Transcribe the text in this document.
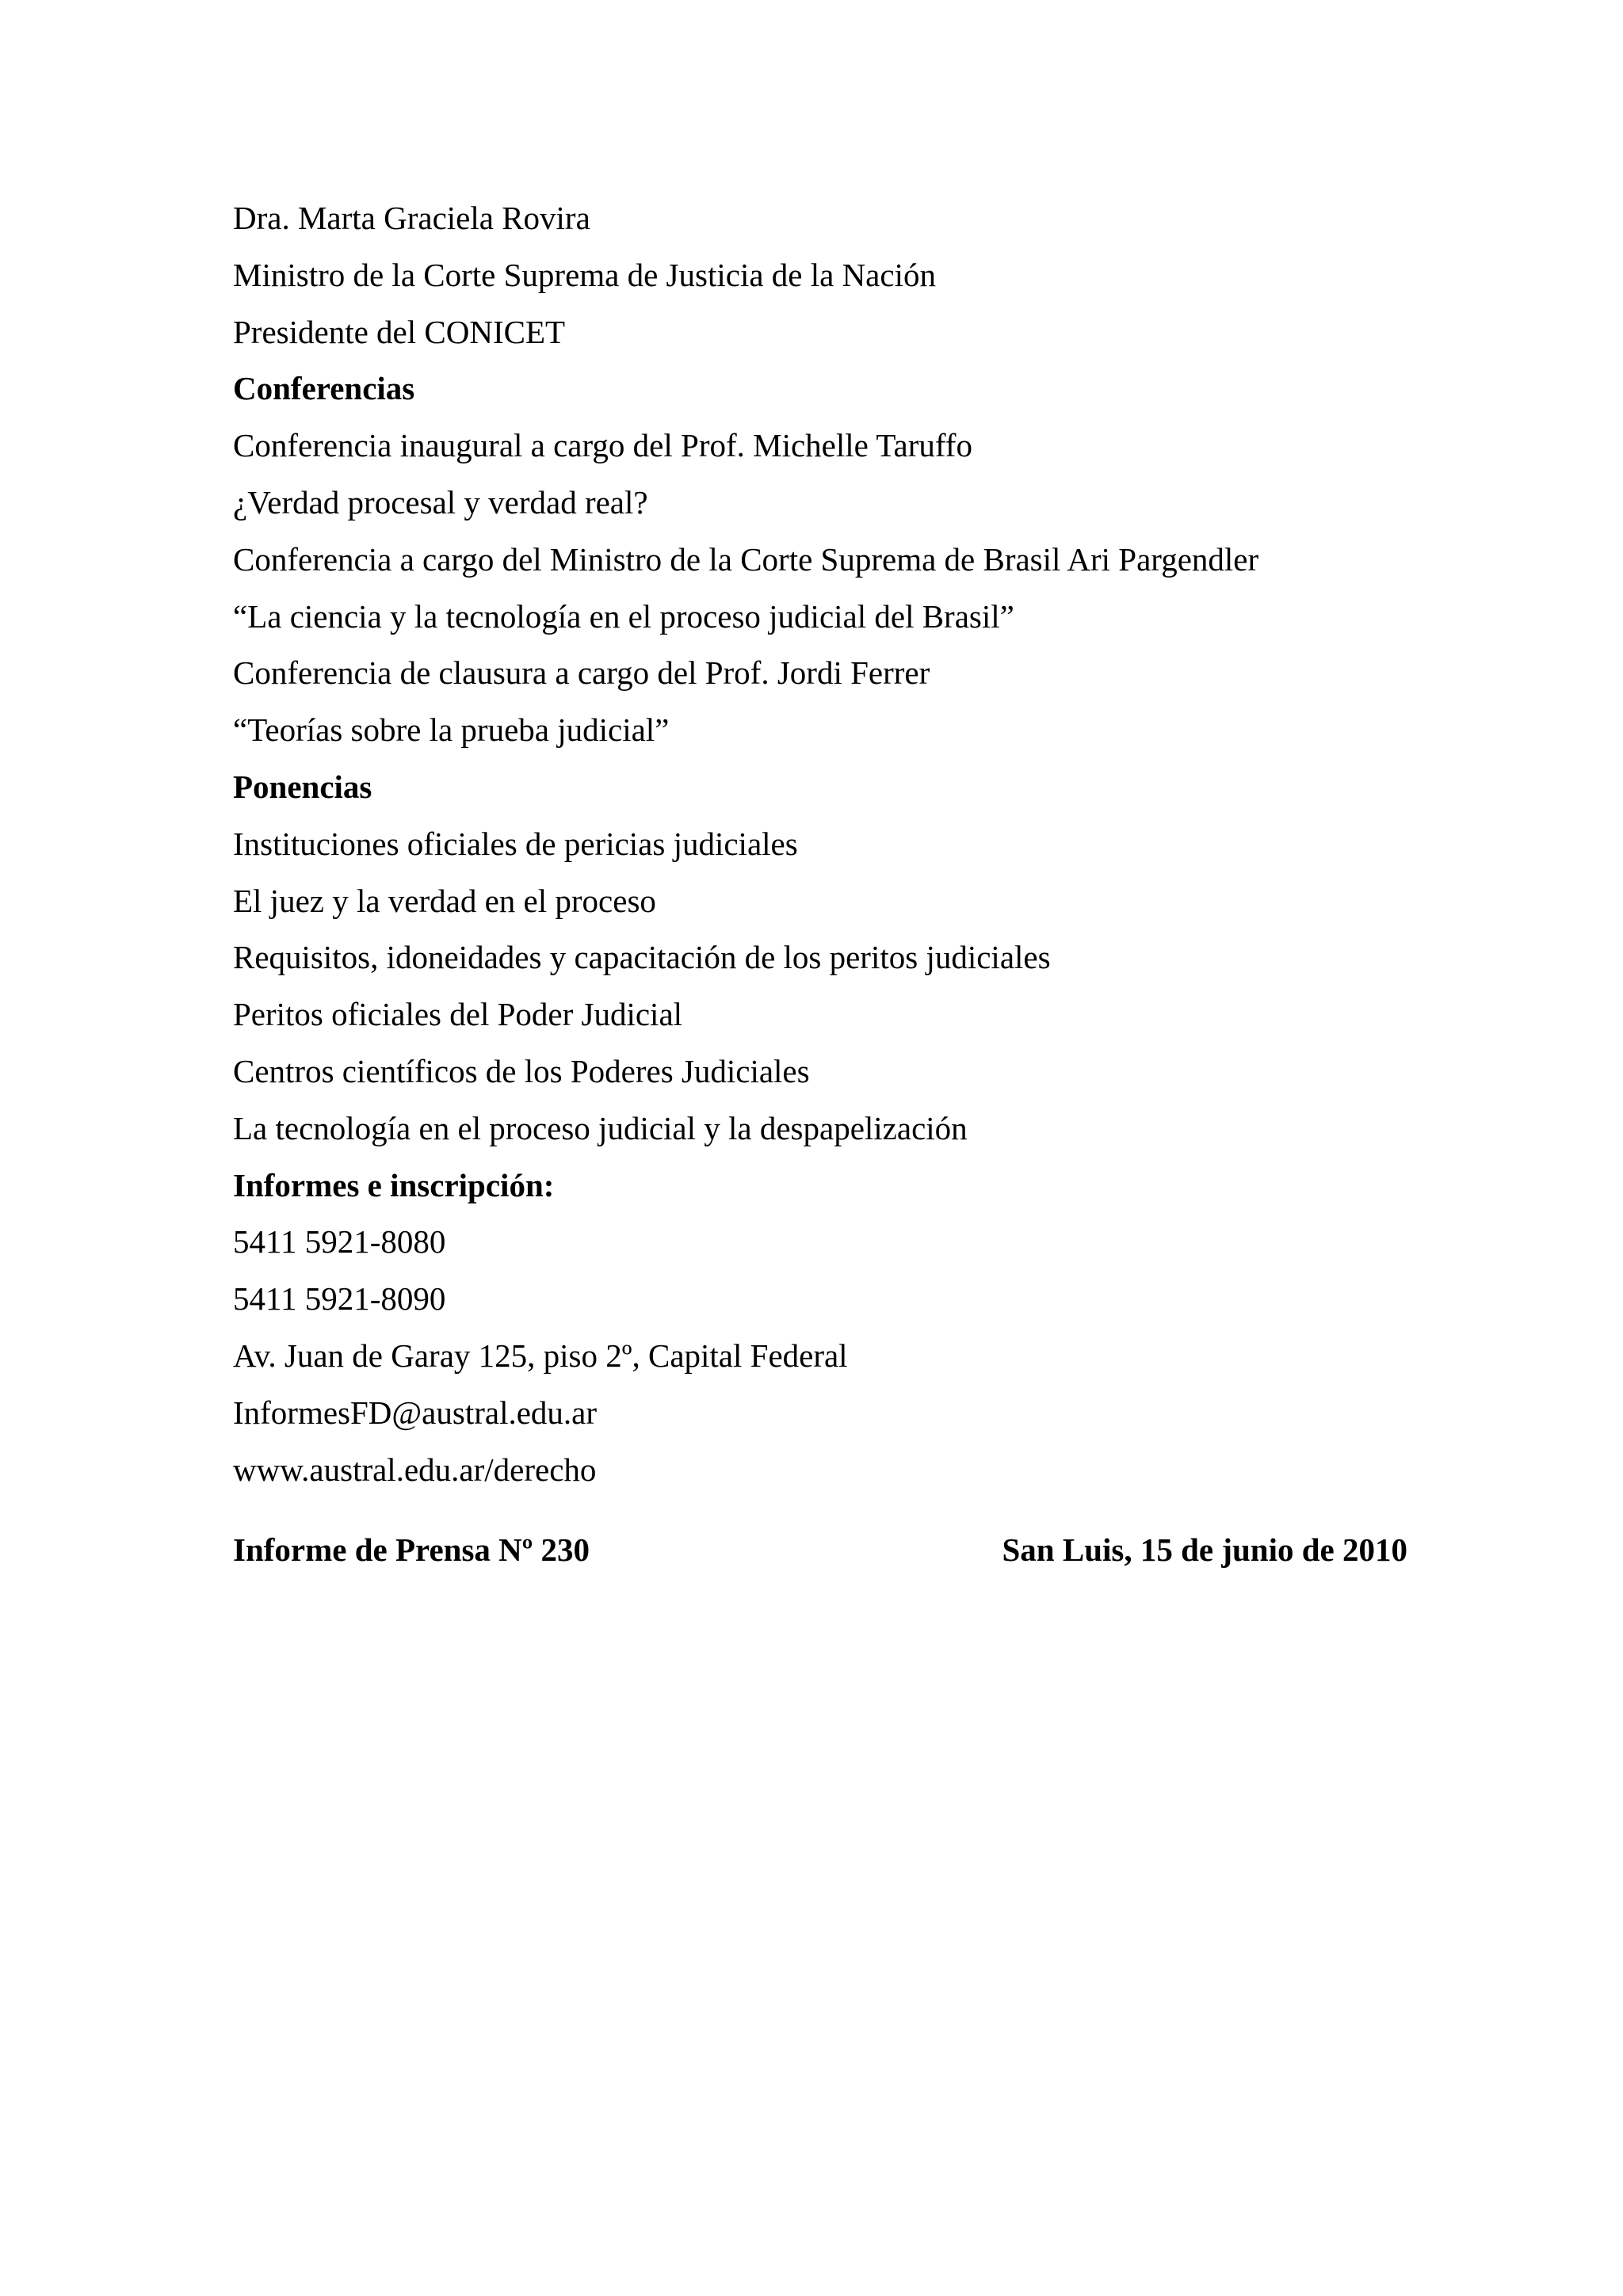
Dra. Marta Graciela Rovira
Ministro de la Corte Suprema de Justicia de la Nación
Presidente del CONICET
Conferencias
Conferencia inaugural a cargo del Prof. Michelle Taruffo
¿Verdad procesal y verdad real?
Conferencia a cargo del Ministro de la Corte Suprema de Brasil Ari Pargendler
“La ciencia y la tecnología en el proceso judicial del Brasil”
Conferencia de clausura a cargo del Prof. Jordi Ferrer
“Teorías sobre la prueba judicial”
Ponencias
Instituciones oficiales de pericias judiciales
El juez y la verdad en el proceso
Requisitos, idoneidades y capacitación de los peritos judiciales
Peritos oficiales del Poder Judicial
Centros científicos de los Poderes Judiciales
La tecnología en el proceso judicial y la despapelización
Informes e inscripción:
5411 5921-8080
5411 5921-8090
Av. Juan de Garay 125, piso 2º, Capital Federal
InformesFD@austral.edu.ar
www.austral.edu.ar/derecho
Informe de Prensa Nº 230	San Luis, 15 de junio de 2010
